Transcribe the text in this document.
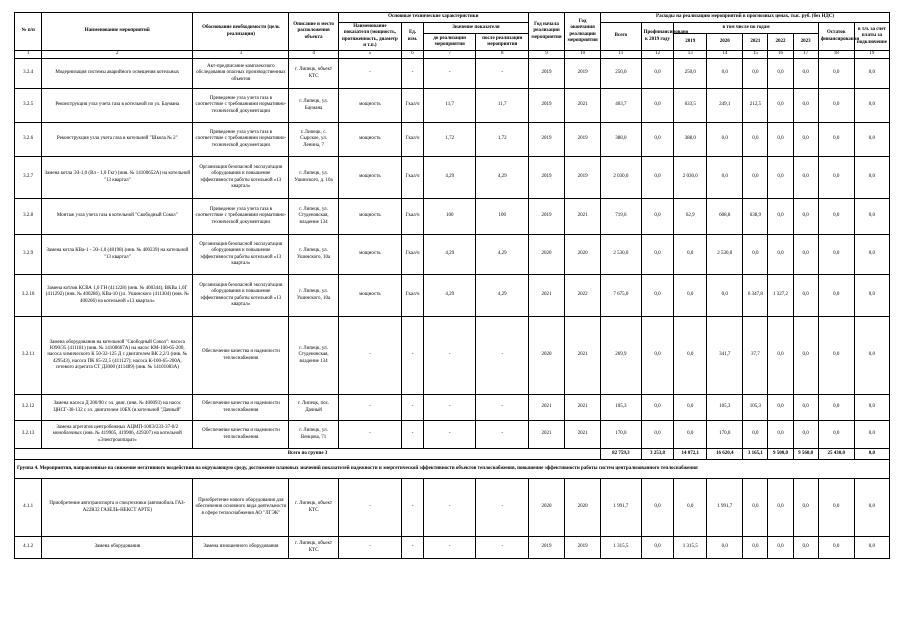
№ п/п	Наименование мероприятий	Обоснование необходимости (цель реализации)	Описание и место расположения объекта	Основные технические характеристики				Год начала реализации мероприятия	Год окончания реализации мероприятия	Расходы на реализацию мероприятий в прогнозных ценах, тыс. руб. (без НДС)								
				Наименование показателя (мощность, протяженность, диаметр и т.п.)	Ед. изм.	Значение показателя				Всего	Профинансировано к 2019 году	в том числе по годам					Остаток финансирования	в т.ч. за счет платы за подключение
						до реализации мероприятия	после реализации мероприятия					2019	2020	2021	2022	2023		
1	2	3	4	5	6	7	8	9	10	11	12	13	14	15	16	17	18	19
3.2.4	Модернизация системы аварийного освещения котельных	Акт-предписание комплексного обследования опасных производственных объектов	г. Липецк, объект КТС	-	-	-	-	2019	2019	250,0	0,0	250,0	0,0	0,0	0,0	0,0	0,0	0,0
3.2.5	Реконструкция узла учета газа в котельной по ул. Баумана	Приведение узла учета газа в соответствие с требованиями нормативно-технической документации	г. Липецк, ул. Баумана	мощность	Гкал/ч	11,7	11,7	2019	2021	403,7	0,0	633,5	249,1	212,5	0,0	0,0	0,0	0,0
3.2.6	Реконструкция узла учета газа в котельной "Школа № 2"	Приведение узла учета газа в соответствие с требованиями нормативно-технической документации	г. Липецк, с. Сырское, ул. Ленина, 7	мощность	Гкал/ч	1,72	1,72	2019	2019	388,0	0,0	388,0	0,0	0,0	0,0	0,0	0,0	0,0
3.2.7	Замена котла ЭЗ-1,0 (Вл - 1,0 Гкг) (инв. № 14100652А) на котельной "13 квартал"	Организация безопасной эксплуатации оборудования и повышение эффективности работы котельной «13 квартал»	г. Липецк, ул. Ушинского, д. 10а	мощность	Гкал/ч	4,29	4,29	2019	2019	2 030,0	0,0	2 030,0	0,0	0,0	0,0	0,0	0,0	0,0
3.2.8	Монтаж узла учета газа в котельной "Свободный Сокол"	Приведение узла учета газа в соответствие с требованиями нормативно-технической документации	г. Липецк, ул. Студеновская, владение 134	мощность	Гкал/ч	100	100	2019	2021	719,6	0,0	62,9	608,8	638,9	0,0	0,0	0,0	0,0
3.2.9	Замена котла КВа-1 - ЭЗ-1,0 (40198) (инв. № 400239) на котельной "13 квартал"	Организация безопасной эксплуатации оборудования и повышение эффективности работы котельной «13 квартал»	г. Липецк, ул. Ушинского, 10а	мощность	Гкал/ч	4,29	4,29	2020	2020	2 530,0	0,0	0,0	2 530,0	0,0	0,0	0,0	0,0	0,0
3.2.10	Замена котлов КСВА 1,0 ГН (411228) (инв. № 400344), ВКВа 1,0Г (411292) (инв. № 400286), КВа-10 (ул. Ушинского (411304) (инв. № 400266) на котельной «13 квартал»	Организация безопасной эксплуатации оборудования и повышение эффективности работы котельной «13 квартал»	г. Липецк, ул. Ушинского, 10а	мощность	Гкал/ч	4,29	4,29	2021	2022	7 675,0	0,0	0,0	0,0	6 347,8	1 327,2	0,0	0,0	0,0
3.2.11	Замена оборудования на котельной "Свободный Сокол": насоса Ю90/35 (411181) (инв. № 14100667А) на насос КМ-100-65-200, насоса химического К 50-32-125 Д с двигателем ВК 2,2/3 (инв. № 429543), насоса ПК 65-22,5 (411127); насоса К-100-65-200А, сетевого агрегата СТ Д3000 (411489) (инв. № 14101083А)	Обеспечение качества и надежности теплоснабжения	г. Липецк, ул. Студеновская, владение 134	-	-	-	-	2020	2021	269,9	0,0	0,0	341,7	37,7	0,0	0,0	0,0	0,0
3.2.12	Замена насоса Д 200/90 с эл. двиг. (инв. № 400093) на насос ЦНСГ-38-132 с эл. двигателем 10БХ (в котельной "Дачный"	Обеспечение качества и надежности теплоснабжения	г. Липецк, пос. Дачный	-	-	-	-	2021	2021	105,3	0,0	0,0	105,3	105,3	0,0	0,0	0,0	0,0
3.2.13	Замена агрегатов центробежных АЦМП-100Э/233-37-0/2 моноблочных (инв. № 419905, 419906, 429307) на котельной «Электроаппарат»	Обеспечение качества и надежности теплоснабжения	г. Липецк, ул. Венцова, 71	-	-	-	-	2021	2021	170,0	0,0	0,0	170,0	0,0	0,0	0,0	0,0	0,0
Всего по группе 3										82 759,3	3 253,8	14 072,1	16 620,4	3 165,1	9 500,0	9 560,0	25 430,0	0,0
Группа 4. Мероприятия, направленные на снижение негативного воздействия на окружающую среду, достижение плановых значений показателей надежности и энергетической эффективности объектов теплоснабжения, повышение эффективности работы систем централизованного теплоснабжения																		
4.1.1	Приобретение автотранспорта и спецтехники (автомобиль ГАЗ-А22R32 ГАЗЕЛЬ-НЕКСТ АРТЕ)	Приобретение нового оборудования для обеспечения основного вида деятельности в сфере теплоснабжения АО "ЛГЭК"	г. Липецк, объект КТС	-	-	-	-	2020	2020	1 991,7	0,0	0,0	1 991,7	0,0	0,0	0,0	0,0	0,0
4.1.2	Замена оборудования	Замена изношенного оборудования	г. Липецк, объект КТС	-	-	-	-	2019	2019	1 315,5	0,0	1 315,5	0,0	0,0	0,0	0,0	0,0	0,0
